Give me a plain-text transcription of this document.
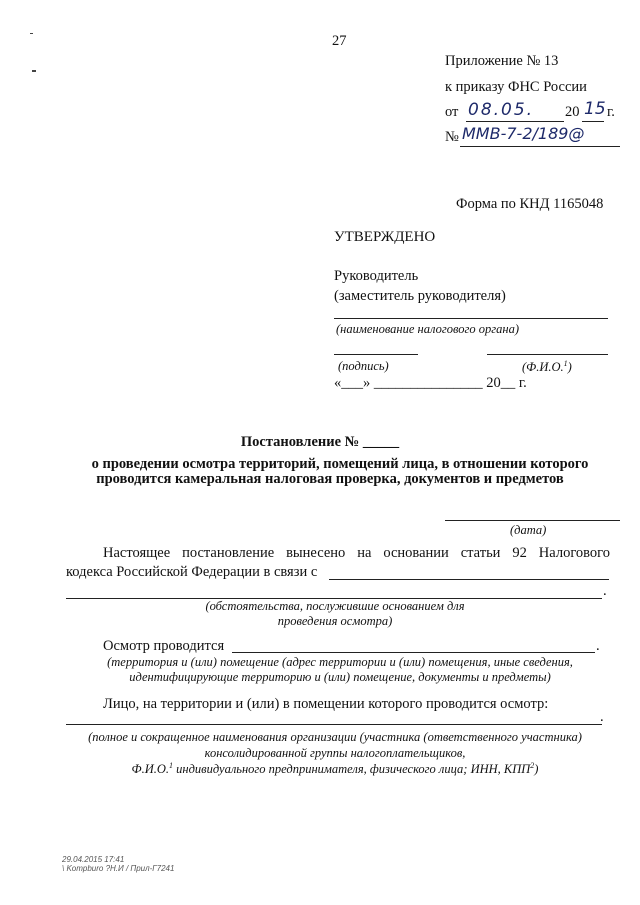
27
Приложение № 13
к приказу ФНС России
от 08.05. 20 15 г.
№ ММВ-7-2/189@
Форма по КНД 1165048
УТВЕРЖДЕНО
Руководитель
(заместитель руководителя)
(наименование налогового органа)
(подпись)	(Ф.И.О.$^1$)
«___» _______________ 20__ г.
Постановление № _____
о проведении осмотра территорий, помещений лица, в отношении которого
проводится камеральная налоговая проверка, документов и предметов
(дата)
Настоящее постановление вынесено на основании статьи 92 Налогового
кодекса Российской Федерации в связи с
.
(обстоятельства, послужившие основанием для
проведения осмотра)
Осмотр проводится	.
(территория и (или) помещение (адрес территории и (или) помещения, иные сведения,
идентифицирующие территорию и (или) помещение, документы и предметы)
Лицо, на территории и (или) в помещении которого проводится осмотр:
.
(полное и сокращенное наименования организации (участника (ответственного участника)
консолидированной группы налогоплательщиков,
Ф.И.О.$^1$ индивидуального предпринимателя, физического лица; ИНН, КПП$^2$)
29.04.2015 17:41
\ Kompburo ?Н.И / Прил-Г7241
